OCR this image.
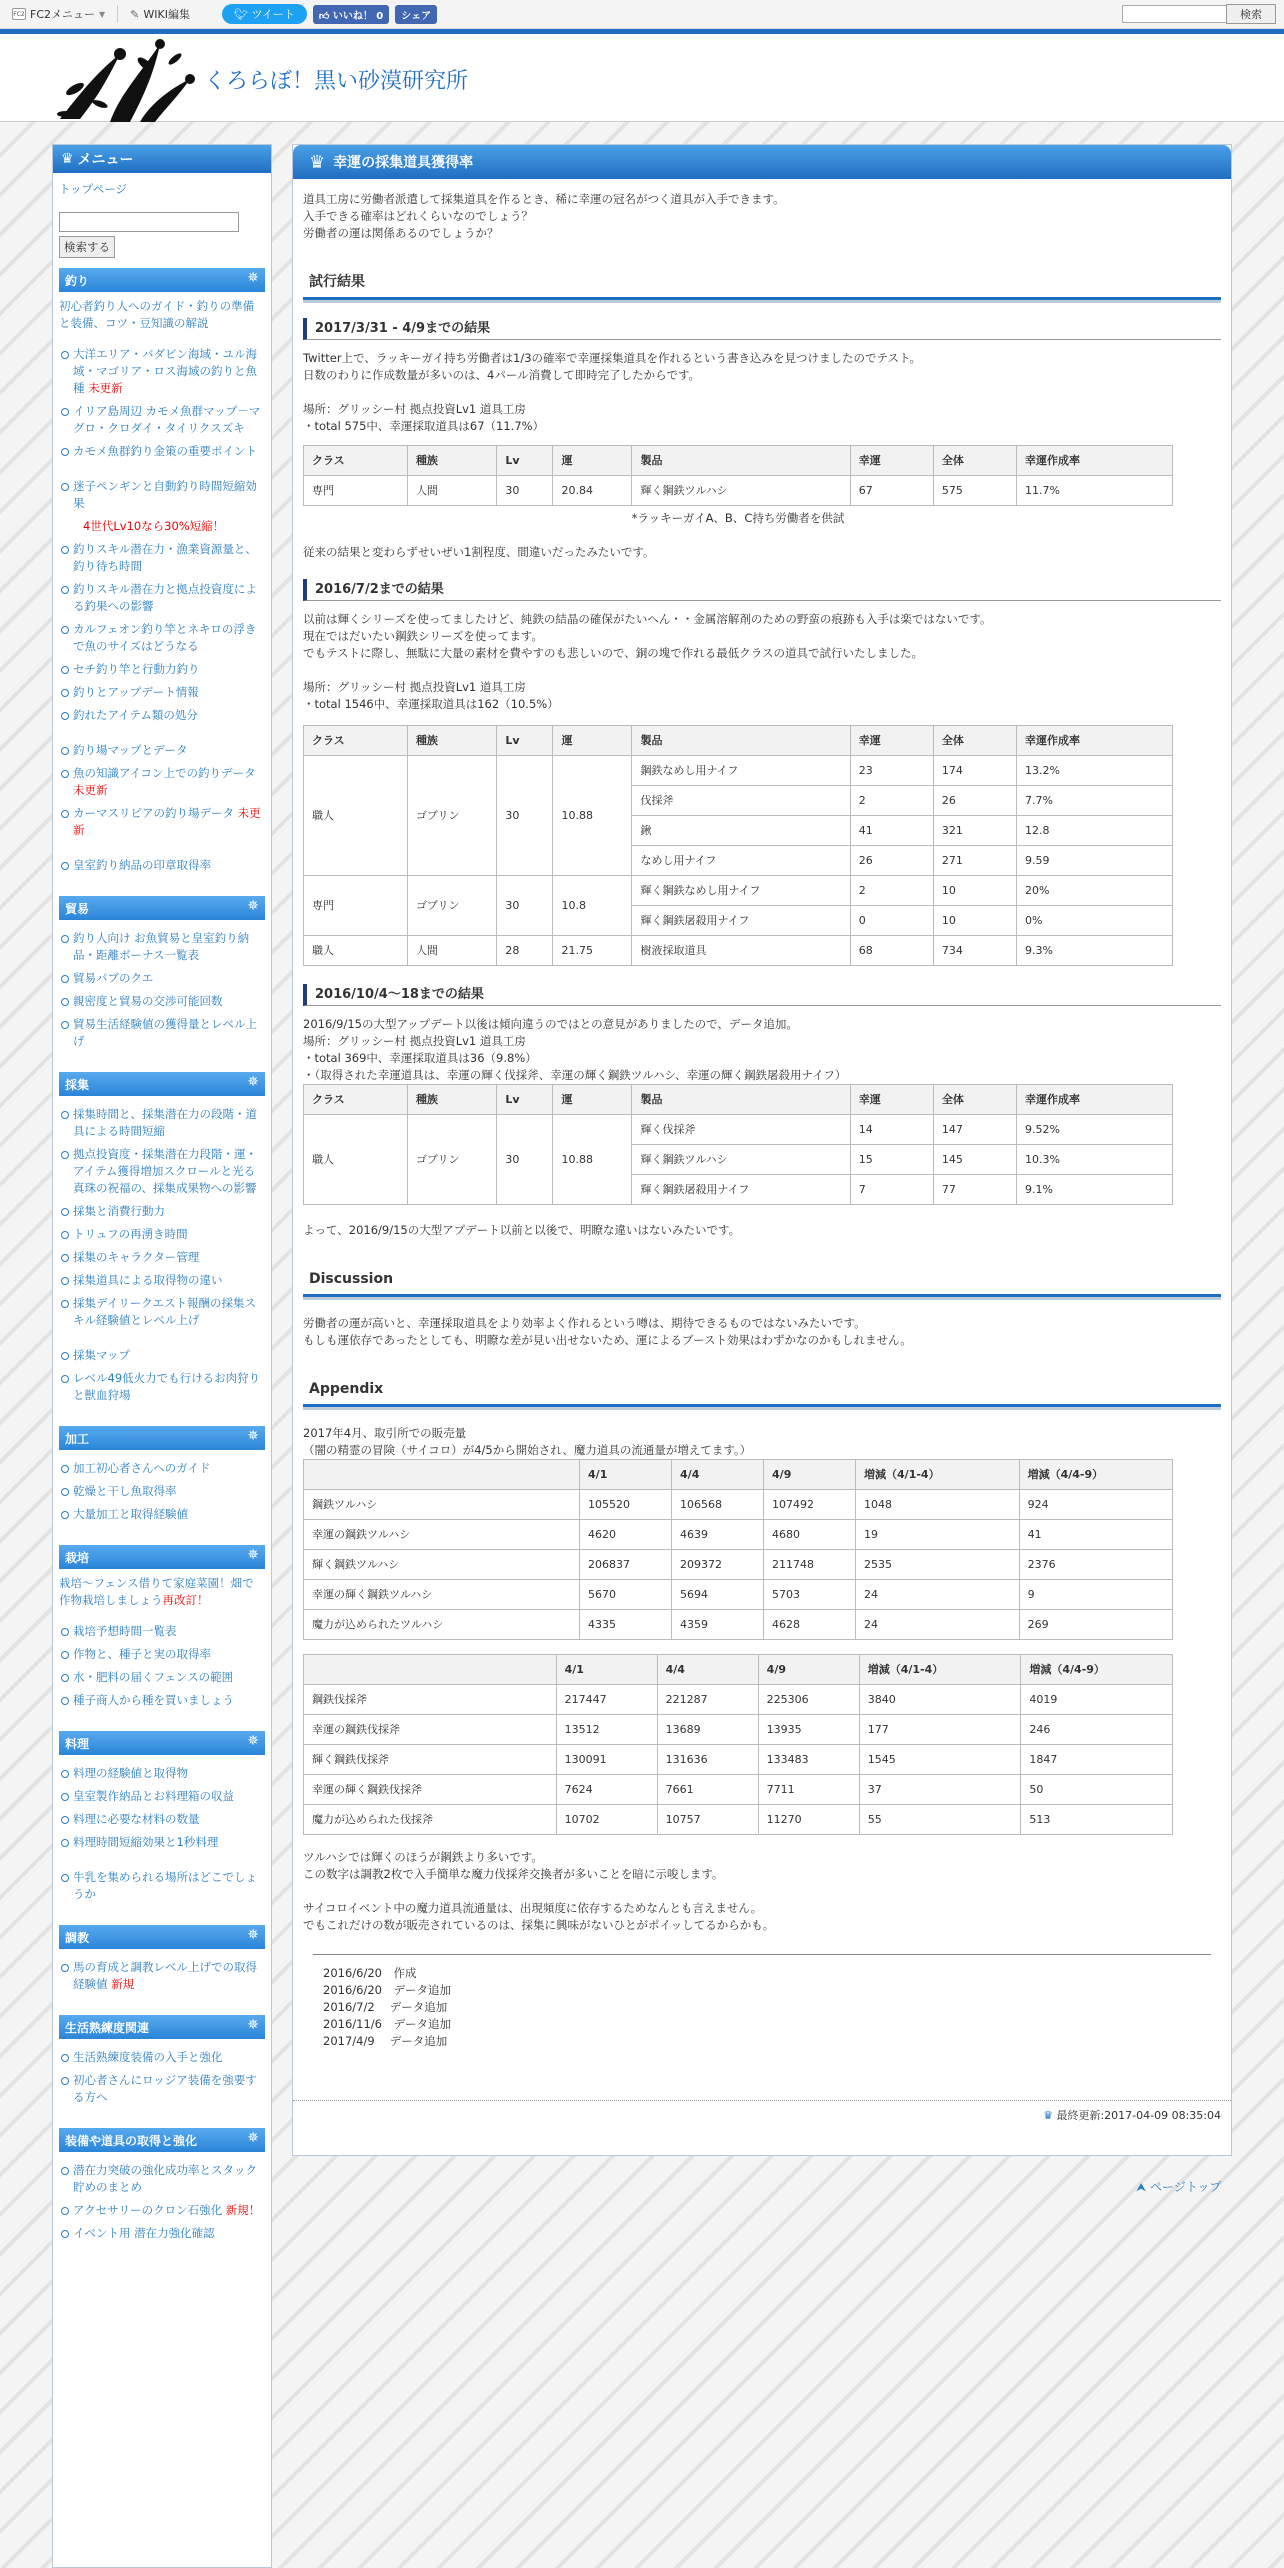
FC2 FC2メニュー ▼ ✎ WIKI編集	🐦︎ ツイート	👍︎ いいね！ 0	シェア	検索
くろらぼ！黒い砂漠研究所
♛ メニュー
トップページ
検索する
釣り	✵
初心者釣り人へのガイド・釣りの準備と装備、コツ・豆知識の解説
大洋エリア・バダビン海域・ユル海域・マゴリア・ロス海域の釣りと魚種 未更新
イリア島周辺 カモメ魚群マップ－マグロ・クロダイ・タイリクスズキ
カモメ魚群釣り金策の重要ポイント
迷子ペンギンと自動釣り時間短縮効果
4世代Lv10なら30%短縮！
釣りスキル潜在力・漁業資源量と、釣り待ち時間
釣りスキル潜在力と拠点投資度による釣果への影響
カルフェオン釣り竿とネキロの浮きで魚のサイズはどうなる
セチ釣り竿と行動力釣り
釣りとアップデート情報
釣れたアイテム類の処分
釣り場マップとデータ
魚の知識アイコン上での釣りデータ 未更新
カーマスリピアの釣り場データ 未更新
皇室釣り納品の印章取得率
貿易	✵
釣り人向け お魚貿易と皇室釣り納品・距離ボーナス一覧表
貿易パブのクエ
親密度と貿易の交渉可能回数
貿易生活経験値の獲得量とレベル上げ
採集	✵
採集時間と、採集潜在力の段階・道具による時間短縮
拠点投資度・採集潜在力段階・運・アイテム獲得増加スクロールと光る真珠の祝福の、採集成果物への影響
採集と消費行動力
トリュフの再湧き時間
採集のキャラクター管理
採集道具による取得物の違い
採集デイリークエスト報酬の採集スキル経験値とレベル上げ
採集マップ
レベル49低火力でも行けるお肉狩りと獣血狩場
加工	✵
加工初心者さんへのガイド
乾燥と干し魚取得率
大量加工と取得経験値
栽培	✵
栽培～フェンス借りて家庭菜園！畑で作物栽培しましょう再改訂！
栽培予想時間一覧表
作物と、種子と実の取得率
水・肥料の届くフェンスの範囲
種子商人から種を買いましょう
料理	✵
料理の経験値と取得物
皇室製作納品とお料理箱の収益
料理に必要な材料の数量
料理時間短縮効果と1秒料理
牛乳を集められる場所はどこでしょうか
調教	✵
馬の育成と調教レベル上げでの取得経験値 新規
生活熟練度関連	✵
生活熟練度装備の入手と強化
初心者さんにロッジア装備を強要する方へ
装備や道具の取得と強化	✵
潜在力突破の強化成功率とスタック貯めのまとめ
アクセサリーのクロン石強化 新規！
イベント用 潜在力強化確認
♛ 幸運の採集道具獲得率
道具工房に労働者派遣して採集道具を作るとき、稀に幸運の冠名がつく道具が入手できます。
入手できる確率はどれくらいなのでしょう？
労働者の運は関係あるのでしょうか？
試行結果
2017/3/31 - 4/9までの結果
Twitter上で、ラッキーガイ持ち労働者は1/3の確率で幸運採集道具を作れるという書き込みを見つけましたのでテスト。
日数のわりに作成数量が多いのは、4パール消費して即時完了したからです。
場所：グリッシー村 拠点投資Lv1 道具工房
・total 575中、幸運採取道具は67（11.7%）
クラス	種族	Lv	運	製品	幸運	全体	幸運作成率
専門	人間	30	20.84	輝く鋼鉄ツルハシ	67	575	11.7%
*ラッキーガイA、B、C持ち労働者を供試
従来の結果と変わらずせいぜい1割程度、間違いだったみたいです。
2016/7/2までの結果
以前は輝くシリーズを使ってましたけど、純鉄の結晶の確保がたいへん・・金属溶解剤のための野蛮の痕跡も入手は楽ではないです。
現在ではだいたい鋼鉄シリーズを使ってます。
でもテストに際し、無駄に大量の素材を費やすのも悲しいので、銅の塊で作れる最低クラスの道具で試行いたしました。
場所：グリッシー村 拠点投資Lv1 道具工房
・total 1546中、幸運採取道具は162（10.5%）
クラス	種族	Lv	運	製品	幸運	全体	幸運作成率
職人	ゴブリン	30	10.88	鋼鉄なめし用ナイフ	23	174	13.2%
				伐採斧	2	26	7.7%
				鍬	41	321	12.8
				なめし用ナイフ	26	271	9.59
専門	ゴブリン	30	10.8	輝く鋼鉄なめし用ナイフ	2	10	20%
				輝く鋼鉄屠殺用ナイフ	0	10	0%
職人	人間	28	21.75	樹液採取道具	68	734	9.3%
2016/10/4～18までの結果
2016/9/15の大型アップデート以後は傾向違うのではとの意見がありましたので、データ追加。
場所：グリッシー村 拠点投資Lv1 道具工房
・total 369中、幸運採取道具は36（9.8%）
・（取得された幸運道具は、幸運の輝く伐採斧、幸運の輝く鋼鉄ツルハシ、幸運の輝く鋼鉄屠殺用ナイフ）
クラス	種族	Lv	運	製品	幸運	全体	幸運作成率
職人	ゴブリン	30	10.88	輝く伐採斧	14	147	9.52%
				輝く鋼鉄ツルハシ	15	145	10.3%
				輝く鋼鉄屠殺用ナイフ	7	77	9.1%
よって、2016/9/15の大型アプデート以前と以後で、明瞭な違いはないみたいです。
Discussion
労働者の運が高いと、幸運採取道具をより効率よく作れるという噂は、期待できるものではないみたいです。
もしも運依存であったとしても、明瞭な差が見い出せないため、運によるブースト効果はわずかなのかもしれません。
Appendix
2017年4月、取引所での販売量
（闇の精霊の冒険（サイコロ）が4/5から開始され、魔力道具の流通量が増えてます。）
	4/1	4/4	4/9	増減（4/1-4）	増減（4/4-9）
鋼鉄ツルハシ	105520	106568	107492	1048	924
幸運の鋼鉄ツルハシ	4620	4639	4680	19	41
輝く鋼鉄ツルハシ	206837	209372	211748	2535	2376
幸運の輝く鋼鉄ツルハシ	5670	5694	5703	24	9
魔力が込められたツルハシ	4335	4359	4628	24	269
	4/1	4/4	4/9	増減（4/1-4）	増減（4/4-9）
鋼鉄伐採斧	217447	221287	225306	3840	4019
幸運の鋼鉄伐採斧	13512	13689	13935	177	246
輝く鋼鉄伐採斧	130091	131636	133483	1545	1847
幸運の輝く鋼鉄伐採斧	7624	7661	7711	37	50
魔力が込められた伐採斧	10702	10757	11270	55	513
ツルハシでは輝くのほうが鋼鉄より多いです。
この数字は調教2枚で入手簡単な魔力伐採斧交換者が多いことを暗に示唆します。
サイコロイベント中の魔力道具流通量は、出現頻度に依存するためなんとも言えません。
でもこれだけの数が販売されているのは、採集に興味がないひとがポイッしてるからかも。
2016/6/20　作成
2016/6/20　データ追加
2016/7/2　 データ追加
2016/11/6　データ追加
2017/4/9　 データ追加
♛ 最終更新:2017-04-09 08:35:04
⮝ ページトップ
